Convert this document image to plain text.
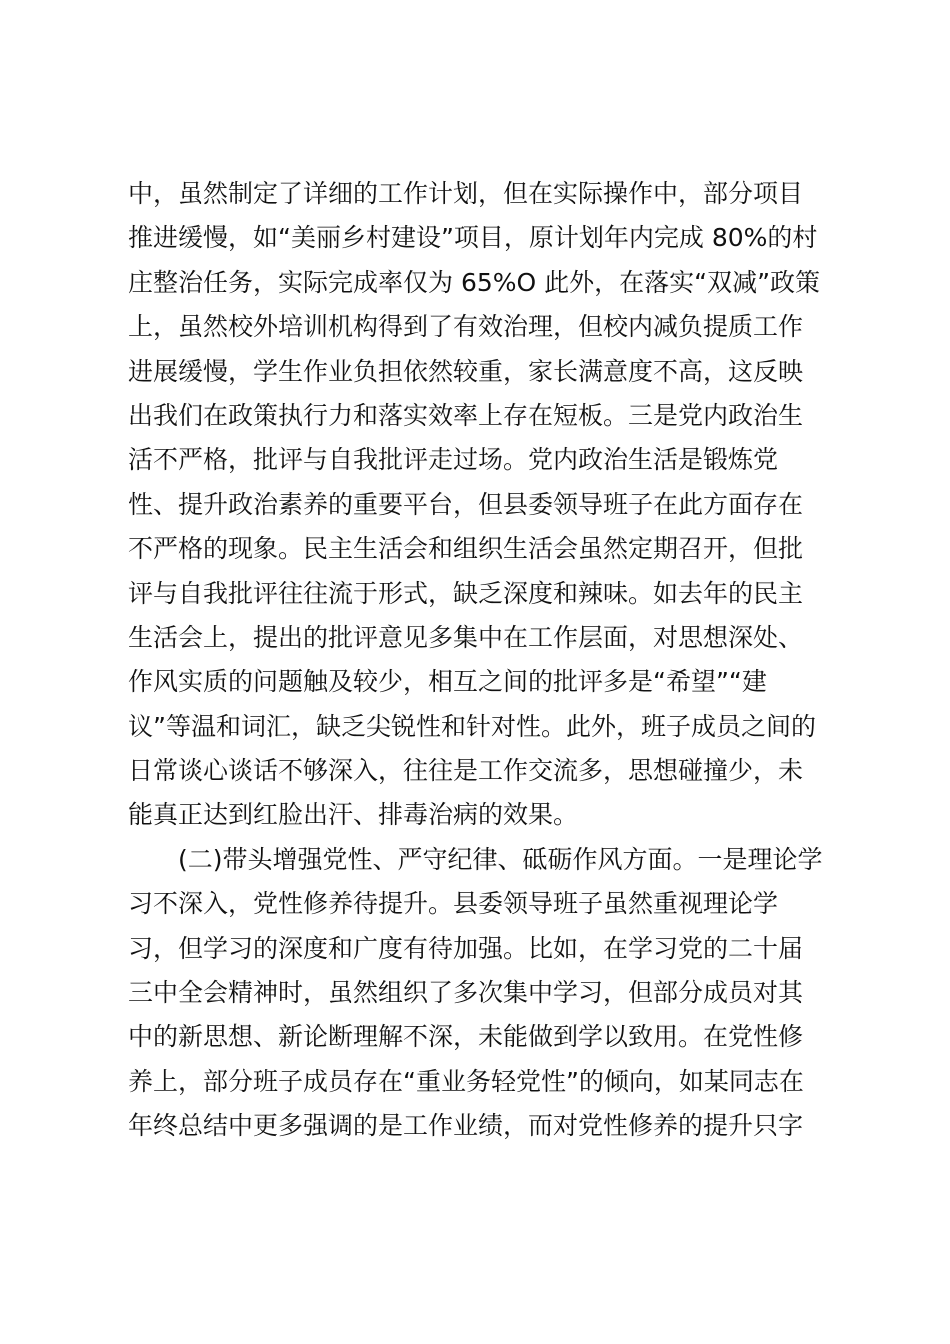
中，虽然制定了详细的工作计划，但在实际操作中，部分项目
推进缓慢，如“美丽乡村建设”项目，原计划年内完成 80%的村
庄整治任务，实际完成率仅为 65%O 此外，在落实“双减”政策
上，虽然校外培训机构得到了有效治理，但校内减负提质工作
进展缓慢，学生作业负担依然较重，家长满意度不高，这反映
出我们在政策执行力和落实效率上存在短板。三是党内政治生
活不严格，批评与自我批评走过场。党内政治生活是锻炼党
性、提升政治素养的重要平台，但县委领导班子在此方面存在
不严格的现象。民主生活会和组织生活会虽然定期召开，但批
评与自我批评往往流于形式，缺乏深度和辣味。如去年的民主
生活会上，提出的批评意见多集中在工作层面，对思想深处、
作风实质的问题触及较少，相互之间的批评多是“希望”“建
议”等温和词汇，缺乏尖锐性和针对性。此外，班子成员之间的
日常谈心谈话不够深入，往往是工作交流多，思想碰撞少，未
能真正达到红脸出汗、排毒治病的效果。
(二)带头增强党性、严守纪律、砥砺作风方面。一是理论学
习不深入，党性修养待提升。县委领导班子虽然重视理论学
习，但学习的深度和广度有待加强。比如，在学习党的二十届
三中全会精神时，虽然组织了多次集中学习，但部分成员对其
中的新思想、新论断理解不深，未能做到学以致用。在党性修
养上，部分班子成员存在“重业务轻党性”的倾向，如某同志在
年终总结中更多强调的是工作业绩，而对党性修养的提升只字
